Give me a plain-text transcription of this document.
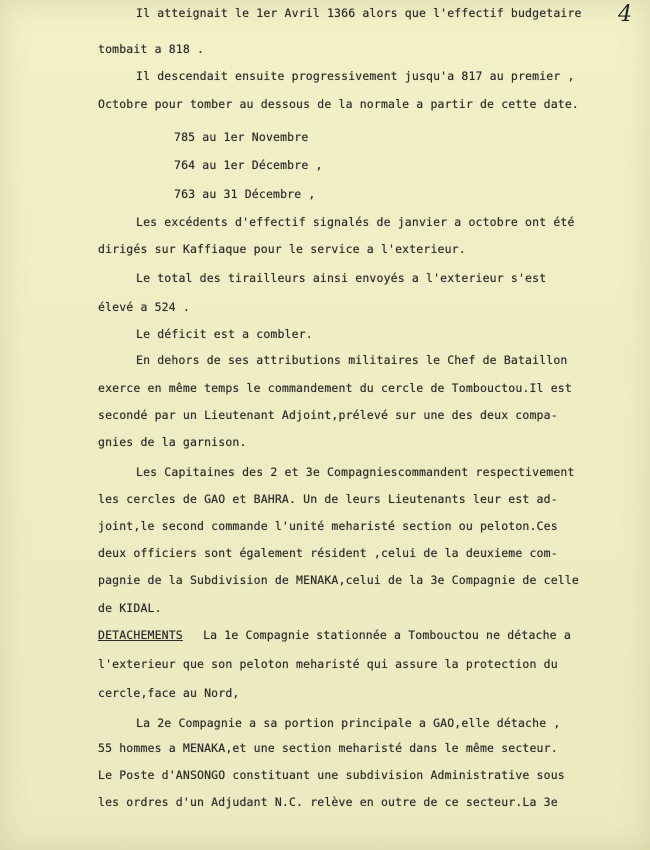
4
Il atteignait le 1er Avril 1366 alors que l'effectif budgetaire
tombait a 818 .
Il descendait ensuite progressivement jusqu'a 817 au premier ,
Octobre pour tomber au dessous de la normale a partir de cette date.
785 au 1er Novembre
764 au 1er Décembre ,
763 au 31 Décembre ,
Les excédents d'effectif signalés de janvier a octobre ont été
dirigés sur Kaffiaque pour le service a l'exterieur.
Le total des tirailleurs ainsi envoyés a l'exterieur s'est
élevé a 524 .
Le déficit est a combler.
En dehors de ses attributions militaires le Chef de Bataillon
exerce en même temps le commandement du cercle de Tombouctou.Il est
secondé par un Lieutenant Adjoint,prélevé sur une des deux compa-
gnies de la garnison.
Les Capitaines des 2 et 3e Compagniescommandent respectivement
les cercles de GAO et BAHRA. Un de leurs Lieutenants leur est ad-
joint,le second commande l'unité meharisté section ou peloton.Ces
deux officiers sont également résident ,celui de la deuxieme com-
pagnie de la Subdivision de MENAKA,celui de la 3e Compagnie de celle
de KIDAL.
DETACHEMENTS La 1e Compagnie stationnée a Tombouctou ne détache a
l'exterieur que son peloton meharisté qui assure la protection du
cercle,face au Nord,
La 2e Compagnie a sa portion principale a GAO,elle détache ,
55 hommes a MENAKA,et une section meharisté dans le même secteur.
Le Poste d'ANSONGO constituant une subdivision Administrative sous
les ordres d'un Adjudant N.C. relève en outre de ce secteur.La 3e
